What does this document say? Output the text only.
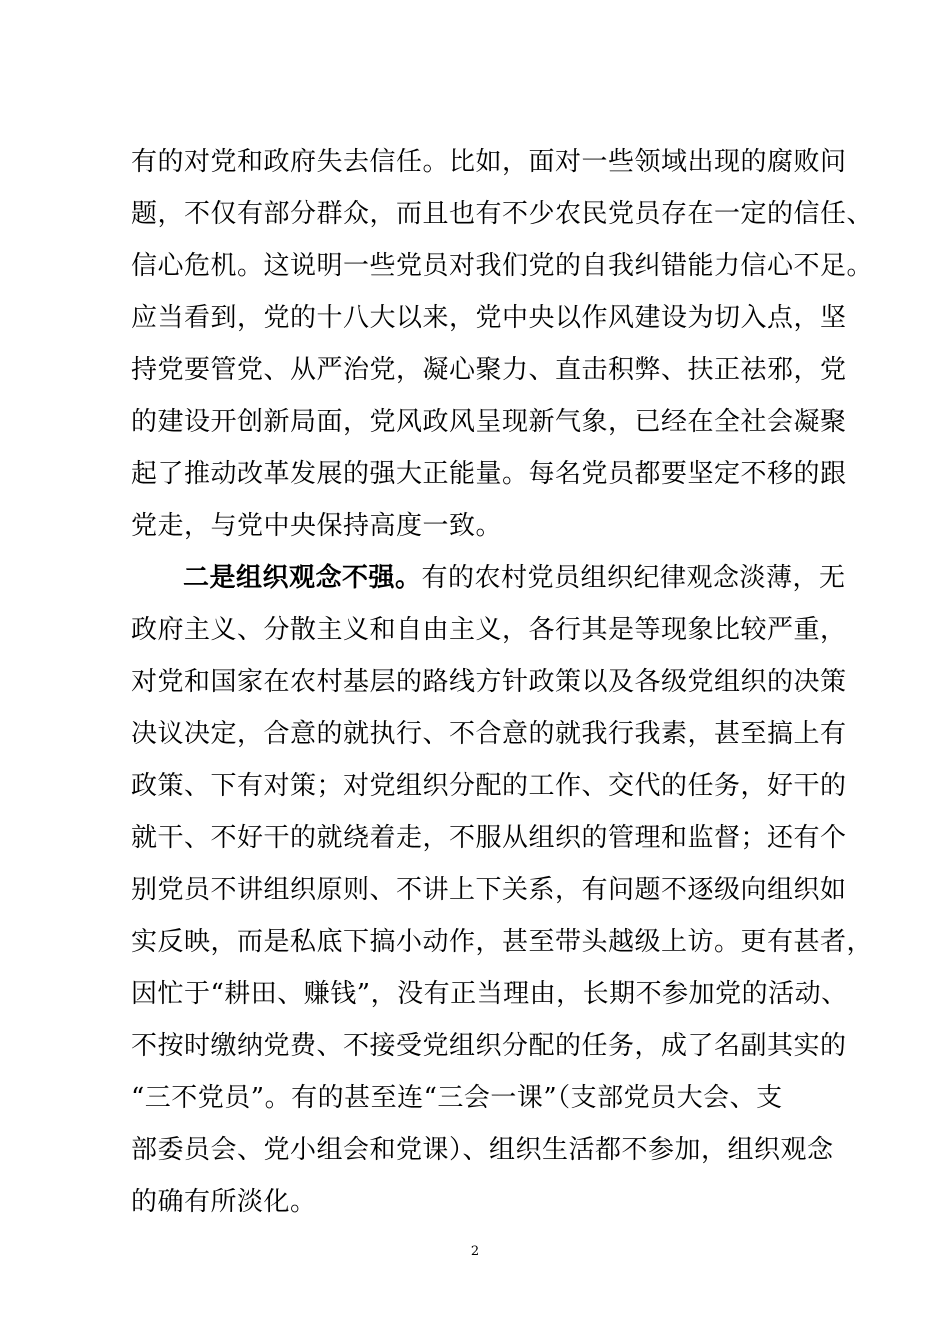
有的对党和政府失去信任。比如，面对一些领域出现的腐败问
题，不仅有部分群众，而且也有不少农民党员存在一定的信任、
信心危机。这说明一些党员对我们党的自我纠错能力信心不足。
应当看到，党的十八大以来，党中央以作风建设为切入点，坚
持党要管党、从严治党，凝心聚力、直击积弊、扶正祛邪，党
的建设开创新局面，党风政风呈现新气象，已经在全社会凝聚
起了推动改革发展的强大正能量。每名党员都要坚定不移的跟
党走，与党中央保持高度一致。
二是组织观念不强。有的农村党员组织纪律观念淡薄，无
政府主义、分散主义和自由主义，各行其是等现象比较严重，
对党和国家在农村基层的路线方针政策以及各级党组织的决策
决议决定，合意的就执行、不合意的就我行我素，甚至搞上有
政策、下有对策；对党组织分配的工作、交代的任务，好干的
就干、不好干的就绕着走，不服从组织的管理和监督；还有个
别党员不讲组织原则、不讲上下关系，有问题不逐级向组织如
实反映，而是私底下搞小动作，甚至带头越级上访。更有甚者，
因忙于“耕田、赚钱”，没有正当理由，长期不参加党的活动、
不按时缴纳党费、不接受党组织分配的任务，成了名副其实的
“三不党员”。有的甚至连“三会一课”（支部党员大会、支
部委员会、党小组会和党课）、组织生活都不参加，组织观念
的确有所淡化。
2
